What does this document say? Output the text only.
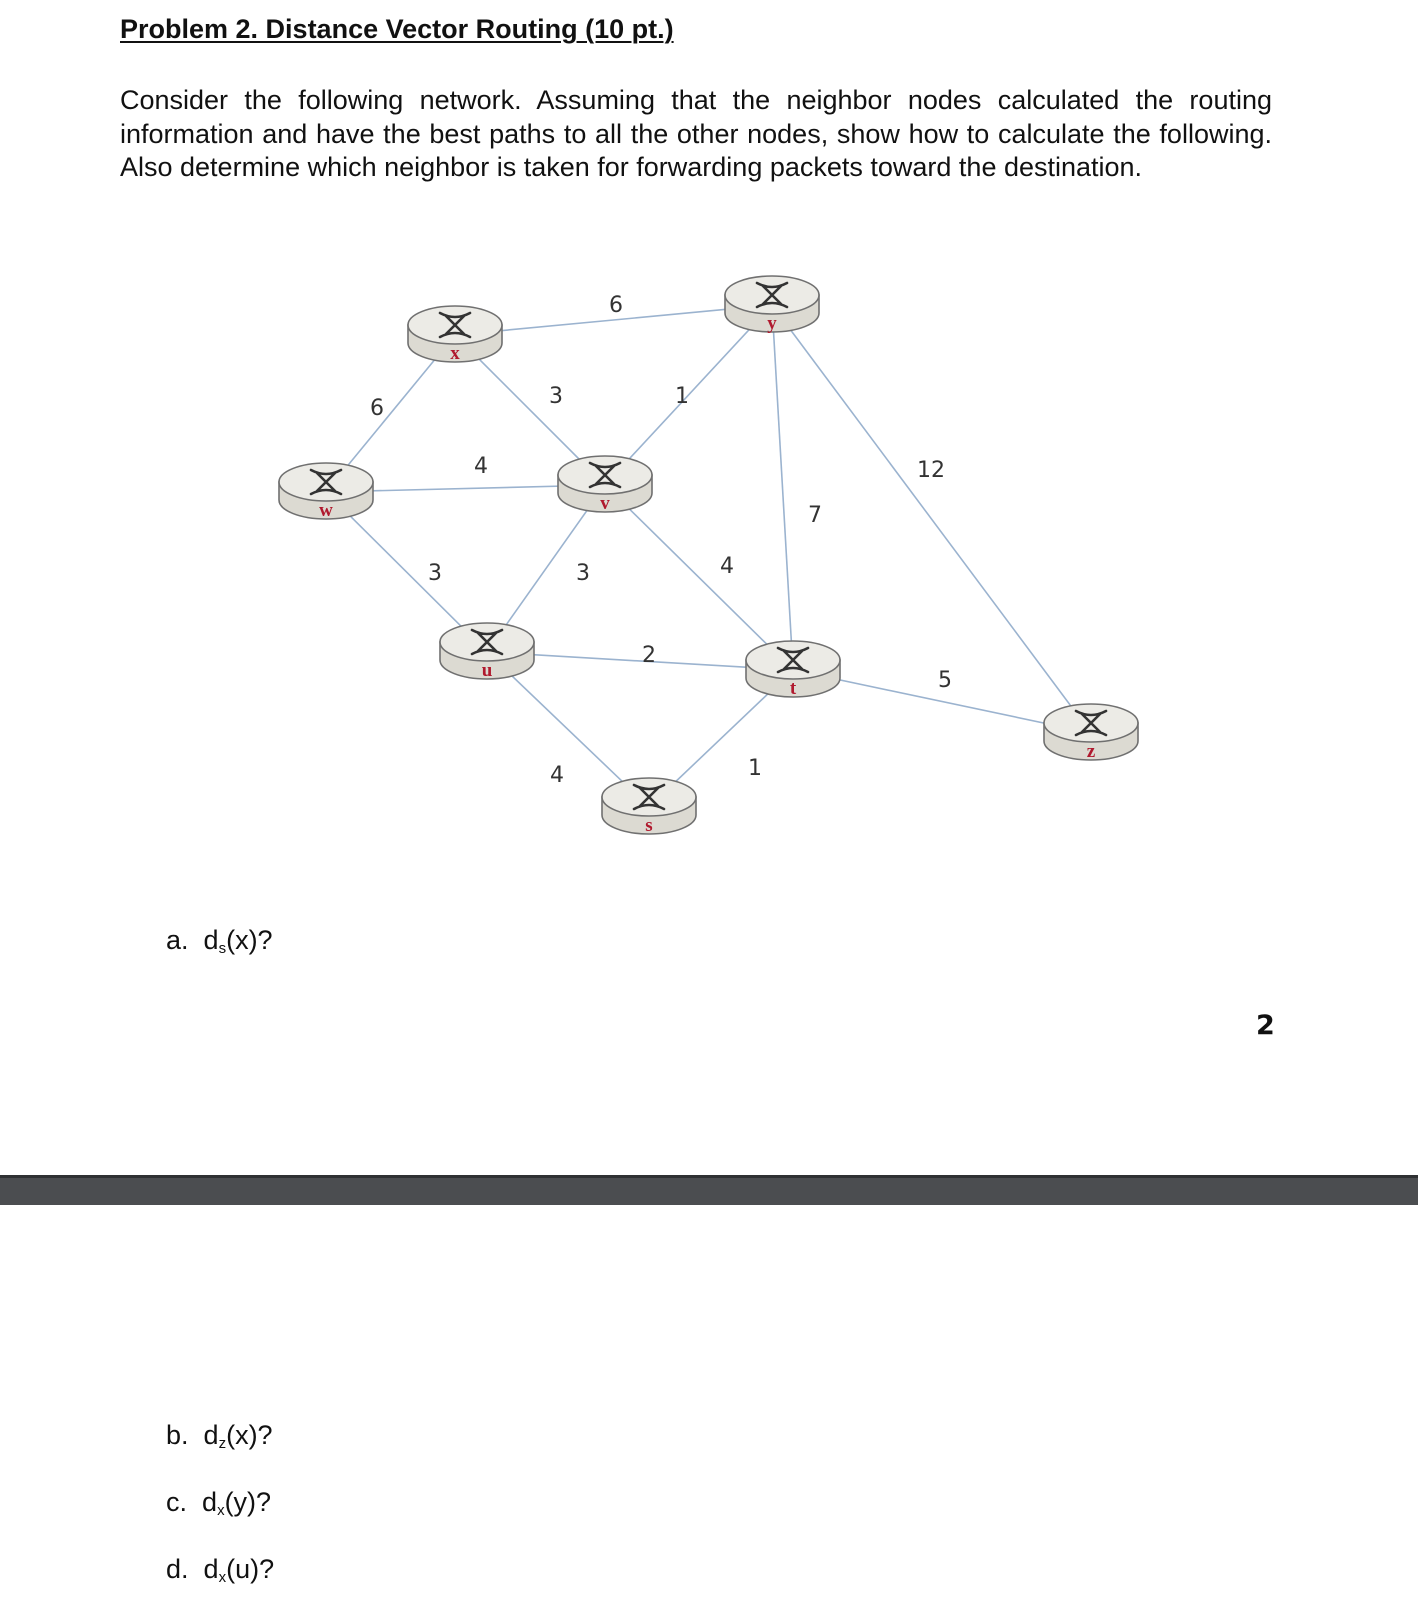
Problem 2. Distance Vector Routing (10 pt.)

Consider the following network. Assuming that the neighbor nodes calculated the routing information and have the best paths to all the other nodes, show how to calculate the following. Also determine which neighbor is taken for forwarding packets toward the destination.

6
6	3	1
4	12
7
3	3	4
2
5
4	1
x
y
w	v
u
t
z
s

a. $d_s(x)$?

2

b. $d_z(x)$?

c. $d_x(y)$?

d. $d_x(u)$?
